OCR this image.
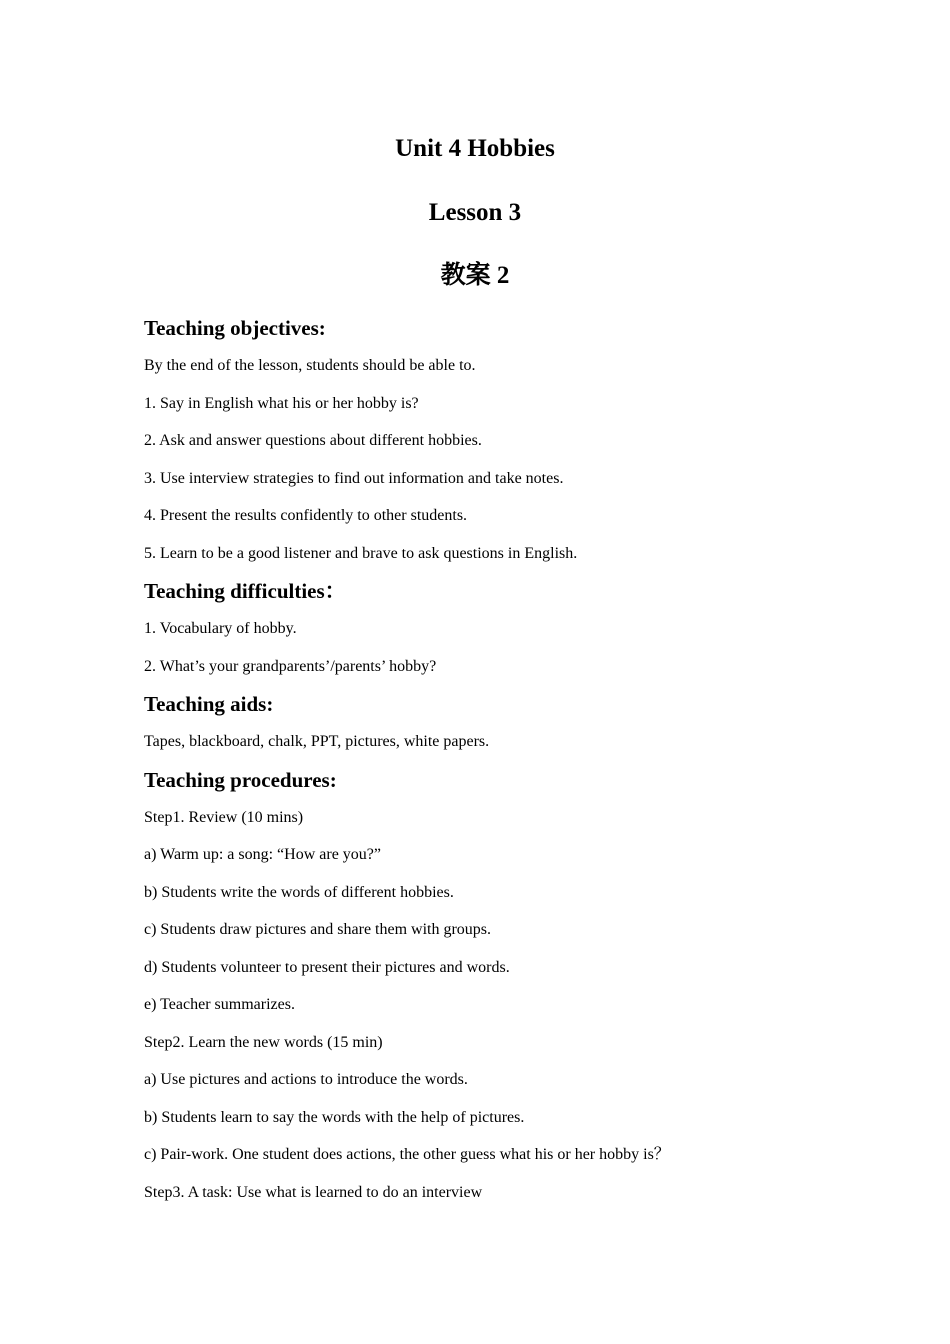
Unit 4 Hobbies
Lesson 3
教案 2
Teaching objectives:

By the end of the lesson, students should be able to.

1. Say in English what his or her hobby is?

2. Ask and answer questions about different hobbies.

3. Use interview strategies to find out information and take notes.

4. Present the results confidently to other students.

5. Learn to be a good listener and brave to ask questions in English.

Teaching difficulties：

1. Vocabulary of hobby.

2. What’s your grandparents’/parents’ hobby?

Teaching aids:

Tapes, blackboard, chalk, PPT, pictures, white papers.

Teaching procedures:

Step1. Review (10 mins)

a) Warm up: a song: “How are you?”

b) Students write the words of different hobbies.

c) Students draw pictures and share them with groups.

d) Students volunteer to present their pictures and words.

e) Teacher summarizes.

Step2. Learn the new words (15 min)

a) Use pictures and actions to introduce the words.

b) Students learn to say the words with the help of pictures.

c) Pair-work. One student does actions, the other guess what his or her hobby is？

Step3. A task: Use what is learned to do an interview
